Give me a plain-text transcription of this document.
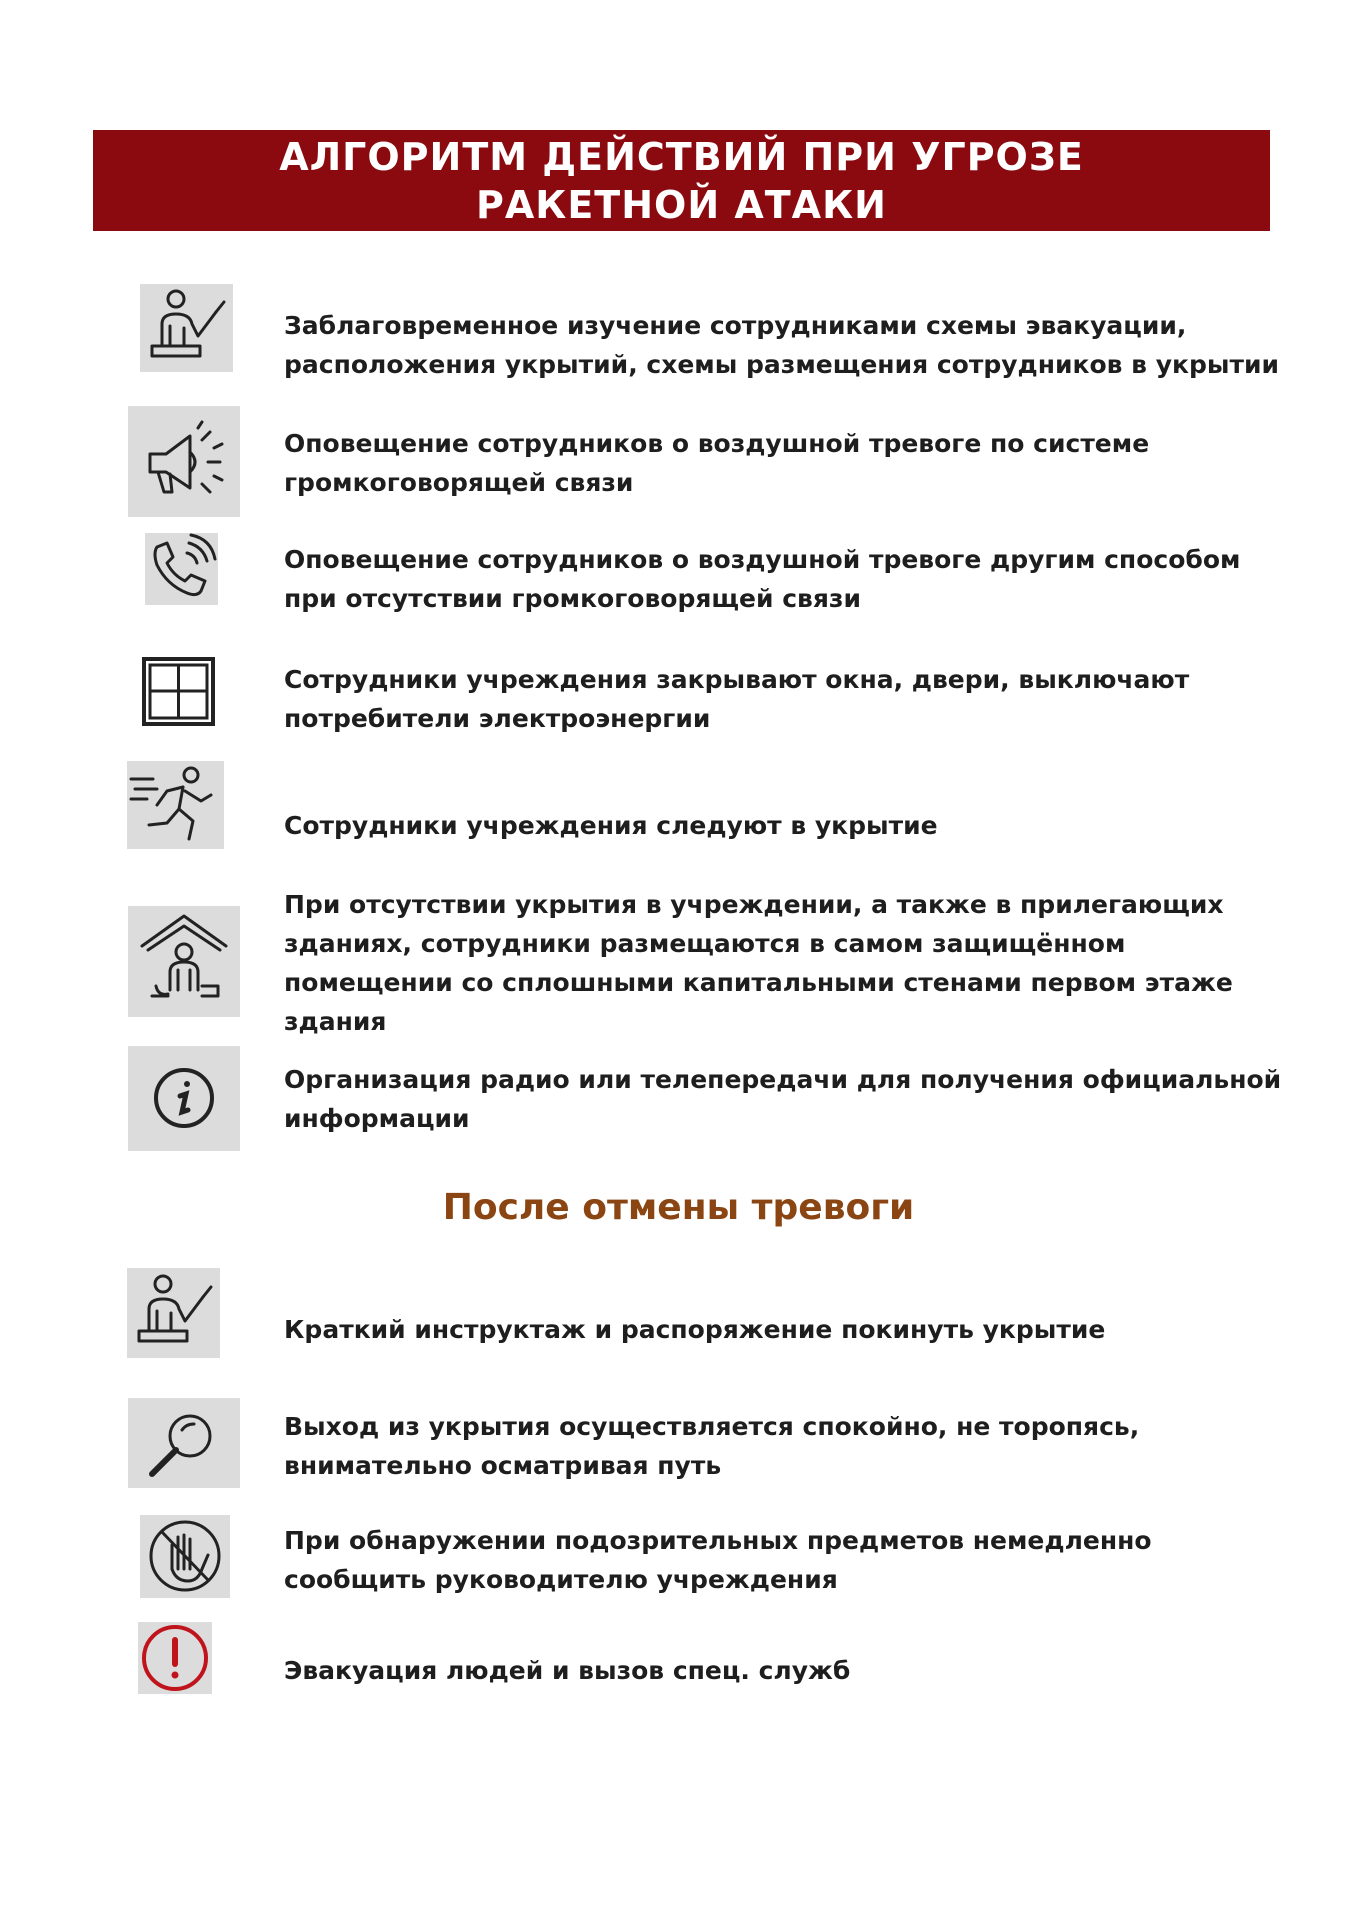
АЛГОРИТМ ДЕЙСТВИЙ ПРИ УГРОЗЕ
РАКЕТНОЙ АТАКИ
Заблаговременное изучение сотрудниками схемы эвакуации,
расположения укрытий, схемы размещения сотрудников в укрытии
Оповещение сотрудников о воздушной тревоге по системе
громкоговорящей связи
Оповещение сотрудников о воздушной тревоге другим способом
при отсутствии громкоговорящей связи
Сотрудники учреждения закрывают окна, двери, выключают
потребители электроэнергии
Сотрудники учреждения следуют в укрытие
При отсутствии укрытия в учреждении, а также в прилегающих
зданиях, сотрудники размещаются в самом защищённом
помещении со сплошными капитальными стенами первом этаже
здания
Организация радио или телепередачи для получения официальной
информации
После отмены тревоги
Краткий инструктаж и распоряжение покинуть укрытие
Выход из укрытия осуществляется спокойно, не торопясь,
внимательно осматривая путь
При обнаружении подозрительных предметов немедленно
сообщить руководителю учреждения
Эвакуация людей и вызов спец. служб
